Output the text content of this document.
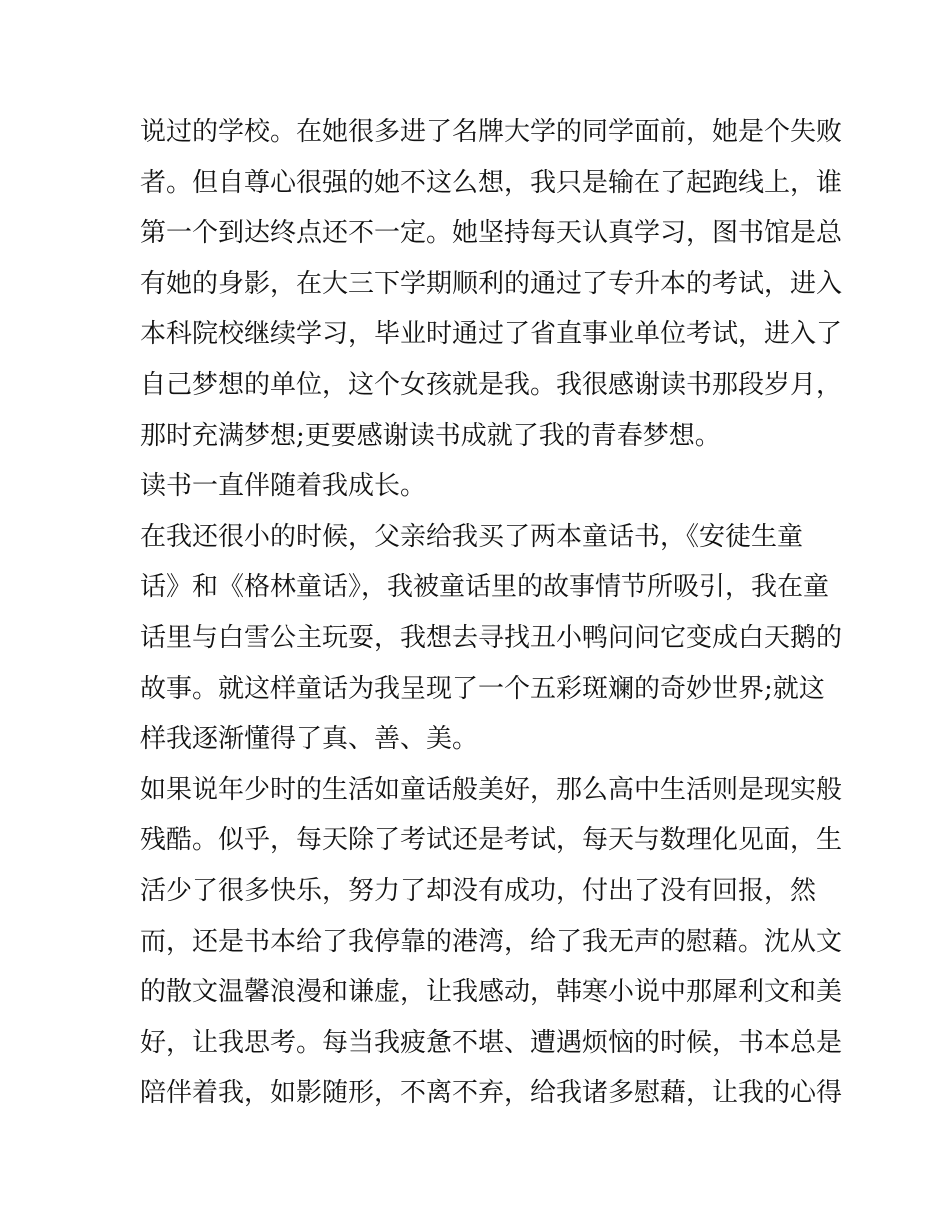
说过的学校。在她很多进了名牌大学的同学面前，她是个失败
者。但自尊心很强的她不这么想，我只是输在了起跑线上，谁
第一个到达终点还不一定。她坚持每天认真学习，图书馆是总
有她的身影，在大三下学期顺利的通过了专升本的考试，进入
本科院校继续学习，毕业时通过了省直事业单位考试，进入了
自己梦想的单位，这个女孩就是我。我很感谢读书那段岁月，
那时充满梦想;更要感谢读书成就了我的青春梦想。
读书一直伴随着我成长。
在我还很小的时候，父亲给我买了两本童话书，《安徒生童
话》和《格林童话》，我被童话里的故事情节所吸引，我在童
话里与白雪公主玩耍，我想去寻找丑小鸭问问它变成白天鹅的
故事。就这样童话为我呈现了一个五彩斑斓的奇妙世界;就这
样我逐渐懂得了真、善、美。
如果说年少时的生活如童话般美好，那么高中生活则是现实般
残酷。似乎，每天除了考试还是考试，每天与数理化见面，生
活少了很多快乐，努力了却没有成功，付出了没有回报，然
而，还是书本给了我停靠的港湾，给了我无声的慰藉。沈从文
的散文温馨浪漫和谦虚，让我感动，韩寒小说中那犀利文和美
好，让我思考。每当我疲惫不堪、遭遇烦恼的时候，书本总是
陪伴着我，如影随形，不离不弃，给我诸多慰藉，让我的心得
